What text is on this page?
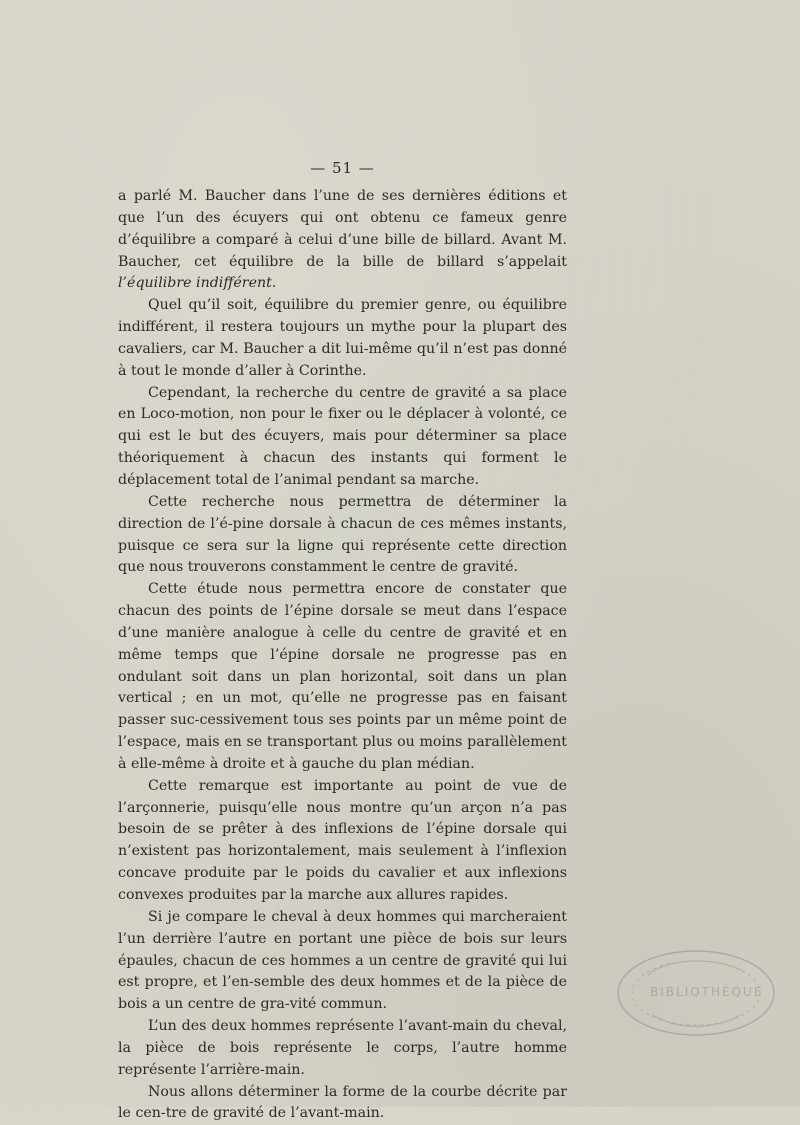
— 51 —

a parlé M. Baucher dans l’une de ses dernières éditions et que l’un des écuyers qui ont obtenu ce fameux genre d’équilibre a comparé à celui d’une bille de billard. Avant M. Baucher, cet équilibre de la bille de billard s’appelait l’équilibre indifférent.

Quel qu’il soit, équilibre du premier genre, ou équilibre indifférent, il restera toujours un mythe pour la plupart des cavaliers, car M. Baucher a dit lui-même qu’il n’est pas donné à tout le monde d’aller à Corinthe.

Cependant, la recherche du centre de gravité a sa place en Loco-motion, non pour le fixer ou le déplacer à volonté, ce qui est le but des écuyers, mais pour déterminer sa place théoriquement à chacun des instants qui forment le déplacement total de l’animal pendant sa marche.

Cette recherche nous permettra de déterminer la direction de l’é-pine dorsale à chacun de ces mêmes instants, puisque ce sera sur la ligne qui représente cette direction que nous trouverons constamment le centre de gravité.

Cette étude nous permettra encore de constater que chacun des points de l’épine dorsale se meut dans l’espace d’une manière analogue à celle du centre de gravité et en même temps que l’épine dorsale ne progresse pas en ondulant soit dans un plan horizontal, soit dans un plan vertical ; en un mot, qu’elle ne progresse pas en faisant passer suc-cessivement tous ses points par un même point de l’espace, mais en se transportant plus ou moins parallèlement à elle-même à droite et à gauche du plan médian.

Cette remarque est importante au point de vue de l’arçonnerie, puisqu’elle nous montre qu’un arçon n’a pas besoin de se prêter à des inflexions de l’épine dorsale qui n’existent pas horizontalement, mais seulement à l’inflexion concave produite par le poids du cavalier et aux inflexions convexes produites par la marche aux allures rapides.

Si je compare le cheval à deux hommes qui marcheraient l’un derrière l’autre en portant une pièce de bois sur leurs épaules, chacun de ces hommes a un centre de gravité qui lui est propre, et l’en-semble des deux hommes et de la pièce de bois a un centre de gra-vité commun.

L’un des deux hommes représente l’avant-main du cheval, la pièce de bois représente le corps, l’autre homme représente l’arrière-main.

Nous allons déterminer la forme de la courbe décrite par le cen-tre de gravité de l’avant-main.

BIBLIOTHÈQUE
